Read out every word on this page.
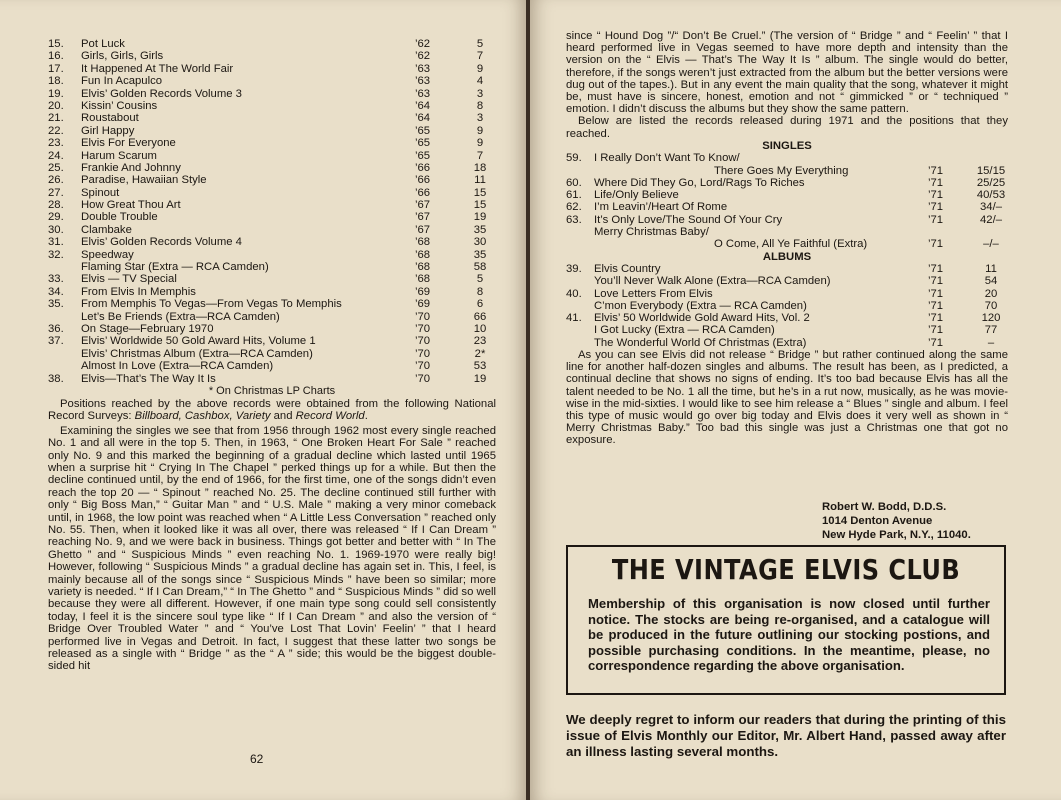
15.	Pot Luck	’62	5
16.	Girls, Girls, Girls	’62	7
17.	It Happened At The World Fair	’63	9
18.	Fun In Acapulco	’63	4
19.	Elvis’ Golden Records Volume 3	’63	3
20.	Kissin’ Cousins	’64	8
21.	Roustabout	’64	3
22.	Girl Happy	’65	9
23.	Elvis For Everyone	’65	9
24.	Harum Scarum	’65	7
25.	Frankie And Johnny	’66	18
26.	Paradise, Hawaiian Style	’66	11
27.	Spinout	’66	15
28.	How Great Thou Art	’67	15
29.	Double Trouble	’67	19
30.	Clambake	’67	35
31.	Elvis’ Golden Records Volume 4	’68	30
32.	Speedway	’68	35
Flaming Star (Extra — RCA Camden)	’68	58
33.	Elvis — TV Special	’68	5
34.	From Elvis In Memphis	’69	8
35.	From Memphis To Vegas—From Vegas To Memphis	’69	6
Let’s Be Friends (Extra—RCA Camden)	’70	66
36.	On Stage—February 1970	’70	10
37.	Elvis’ Worldwide 50 Gold Award Hits, Volume 1	’70	23
Elvis’ Christmas Album (Extra—RCA Camden)	’70	2*
Almost In Love (Extra—RCA Camden)	’70	53
38.	Elvis—That’s The Way It Is	’70	19
* On Christmas LP Charts

Positions reached by the above records were obtained from the following National Record Surveys: Billboard, Cashbox, Variety and Record World.

Examining the singles we see that from 1956 through 1962 most every single reached No. 1 and all were in the top 5. Then, in 1963, “ One Broken Heart For Sale ” reached only No. 9 and this marked the beginning of a gradual decline which lasted until 1965 when a surprise hit “ Crying In The Chapel ” perked things up for a while. But then the decline continued until, by the end of 1966, for the first time, one of the songs didn’t even reach the top 20 — “ Spinout ” reached No. 25. The decline continued still further with only “ Big Boss Man,” “ Guitar Man ” and “ U.S. Male ” making a very minor comeback until, in 1968, the low point was reached when “ A Little Less Conversation ” reached only No. 55. Then, when it looked like it was all over, there was released “ If I Can Dream ” reaching No. 9, and we were back in business. Things got better and better with “ In The Ghetto ” and “ Suspicious Minds ” even reaching No. 1. 1969-1970 were really big! However, following “ Suspicious Minds ” a gradual decline has again set in. This, I feel, is mainly because all of the songs since “ Suspicious Minds ” have been so similar; more variety is needed. “ If I Can Dream,” “ In The Ghetto ” and “ Suspicious Minds ” did so well because they were all different. However, if one main type song could sell consistently today, I feel it is the sincere soul type like “ If I Can Dream ” and also the version of “ Bridge Over Troubled Water ” and “ You’ve Lost That Lovin’ Feelin’ ” that I heard performed live in Vegas and Detroit. In fact, I suggest that these latter two songs be released as a single with “ Bridge ” as the “ A ” side; this would be the biggest double-sided hit

62

since “ Hound Dog ”/“ Don’t Be Cruel.” (The version of “ Bridge ” and “ Feelin’ ” that I heard performed live in Vegas seemed to have more depth and intensity than the version on the “ Elvis — That’s The Way It Is ” album. The single would do better, therefore, if the songs weren’t just extracted from the album but the better versions were dug out of the tapes.). But in any event the main quality that the song, whatever it might be, must have is sincere, honest, emotion and not “ gimmicked ” or “ techniqued ” emotion. I didn’t discuss the albums but they show the same pattern.

Below are listed the records released during 1971 and the positions that they reached.

SINGLES
59. I Really Don’t Want To Know/
There Goes My Everything	’71	15/15
60. Where Did They Go, Lord/Rags To Riches	’71	25/25
61. Life/Only Believe	’71	40/53
62. I’m Leavin’/Heart Of Rome	’71	34/–
63. It’s Only Love/The Sound Of Your Cry	’71	42/–
Merry Christmas Baby/
O Come, All Ye Faithful (Extra)	’71	–/–
ALBUMS
39. Elvis Country	’71	11
You’ll Never Walk Alone (Extra—RCA Camden)	’71	54
40. Love Letters From Elvis	’71	20
C’mon Everybody (Extra — RCA Camden)	’71	70
41. Elvis’ 50 Worldwide Gold Award Hits, Vol. 2	’71	120
I Got Lucky (Extra — RCA Camden)	’71	77
The Wonderful World Of Christmas (Extra)	’71	–

As you can see Elvis did not release “ Bridge ” but rather continued along the same line for another half-dozen singles and albums. The result has been, as I predicted, a continual decline that shows no signs of ending. It’s too bad because Elvis has all the talent needed to be No. 1 all the time, but he’s in a rut now, musically, as he was movie-wise in the mid-sixties. I would like to see him release a “ Blues ” single and album. I feel this type of music would go over big today and Elvis does it very well as shown in “ Merry Christmas Baby.” Too bad this single was just a Christmas one that got no exposure.

Robert W. Bodd, D.D.S.
1014 Denton Avenue
New Hyde Park, N.Y., 11040.
THE VINTAGE ELVIS CLUB
Membership of this organisation is now closed until further notice. The stocks are being re-organised, and a catalogue will be produced in the future outlining our stocking postions, and possible purchasing conditions. In the meantime, please, no correspondence regarding the above organisation.
We deeply regret to inform our readers that during the printing of this issue of Elvis Monthly our Editor, Mr. Albert Hand, passed away after an illness lasting several months.
